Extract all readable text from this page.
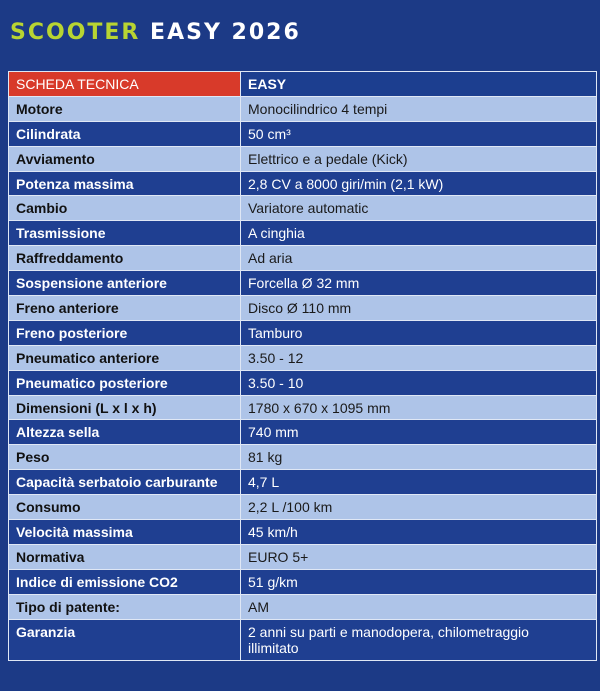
SCOOTER EASY 2026
SCHEDA TECNICA	EASY
Motore	Monocilindrico 4 tempi
Cilindrata	50 cm³
Avviamento	Elettrico e a pedale (Kick)
Potenza massima	2,8 CV a 8000 giri/min (2,1 kW)
Cambio	Variatore automatic
Trasmissione	A cinghia
Raffreddamento	Ad aria
Sospensione anteriore	Forcella Ø 32 mm
Freno anteriore	Disco Ø 110 mm
Freno posteriore	Tamburo
Pneumatico anteriore	3.50 - 12
Pneumatico posteriore	3.50 - 10
Dimensioni (L x l x h)	1780 x 670 x 1095 mm
Altezza sella	740 mm
Peso	81 kg
Capacità serbatoio carburante	4,7 L
Consumo	2,2 L /100 km
Velocità massima	45 km/h
Normativa	EURO 5+
Indice di emissione CO2	51 g/km
Tipo di patente:	AM
Garanzia	2 anni su parti e manodopera, chilometraggio illimitato
